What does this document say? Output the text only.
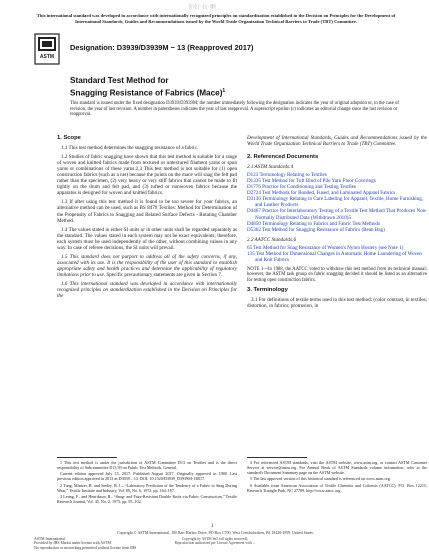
你好·拉·啊
This international standard was developed in accordance with internationally recognized principles on standardization established in the Decision on Principles for the Development of International Standards, Guides and Recommendations issued by the World Trade Organization Technical Barriers to Trade (TBT) Committee.
ASTM
Designation: D3939/D3939M − 13 (Reapproved 2017)
Standard Test Method for
Snagging Resistance of Fabrics (Mace)$^1$
This standard is issued under the fixed designation D3939/D3939M; the number immediately following the designation indicates the year of original adoption or, in the case of revision, the year of last revision. A number in parentheses indicates the year of last reapproval. A superscript epsilon (ε) indicates an editorial change since the last revision or reapproval.
1. Scope

1.1 This test method determines the snagging resistance of a fabric.

1.2 Studies of fabric snagging have shown that this test method is suitable for a range of woven and knitted fabrics made from textured or untextured filament yarns or spun yarns or combinations of these yarns.2,3 This test method is not suitable for (1) open construction fabrics (such as a net) because the points on the mace will snag the felt pad rather than the specimen, (2) very heavy or very stiff fabrics that cannot be made to fit tightly on the drum and felt pad, and (3) tufted or nonwoven fabrics because the apparatus is designed for woven and knitted fabrics.

1.3 If after using this test method it is found to be too severe for your fabrics, an alternative method can be used, such as BS 8479 Textiles: Method for Determination of the Propensity of Fabrics to Snagging and Related Surface Defects - Rotating Chamber Method.

1.4 The values stated in either SI units or in other units shall be regarded separately as the standard. The values stated in each system may not be exact equivalents; therefore, each system must be used independently of the other, without combining values in any way. In case of referee decisions, the SI units will prevail.

1.5 This standard does not purport to address all of the safety concerns, if any, associated with its use. It is the responsibility of the user of this standard to establish appropriate safety and health practices and determine the applicability of regulatory limitations prior to use. Specific precautionary statements are given in Section 7.

1.6 This international standard was developed in accordance with internationally recognized principles on standardization established in the Decision on Principles for the

Development of International Standards, Guides and Recommendations issued by the World Trade Organization Technical Barriers to Trade (TBT) Committee.

2. Referenced Documents
2.1 ASTM Standards:4
D123 Terminology Relating to Textiles
D1335 Test Method for Tuft Bind of Pile Yarn Floor Coverings
D1776 Practice for Conditioning and Testing Textiles
D2724 Test Methods for Bonded, Fused, and Laminated Apparel Fabrics
D3136 Terminology Relating to Care Labeling for Apparel, Textile, Home Furnishing, and Leather Products
D4467 Practice for Interlaboratory Testing of a Textile Test Method That Produces Non-Normally Distributed Data (Withdrawn 2010)5
D4850 Terminology Relating to Fabrics and Fabric Test Methods
D5362 Test Method for Snagging Resistance of Fabrics (Bean Bag)
2.2 AATCC Standards:6
65 Test Method for Snag Resistance of Women's Nylon Hosiery (see Note 1)
135 Test Method for Dimensional Changes in Automatic Home Laundering of Woven and Knit Fabrics
NOTE 1—In 1988, the AATCC voted to withdraw this test method from its technical manual; however, the ASTM task group on fabric snagging decided it should be listed as an alternative for testing open construction fabrics.
3. Terminology

3.1 For definitions of textile terms used in this test method: (color contrast, in textiles; distortion, in fabrics; protrusion, in

1 This test method is under the jurisdiction of ASTM Committee D13 on Textiles and is the direct responsibility of Subcommittee D13.59 on Fabric Test Methods, General.
Current edition approved July 15, 2017. Published August 2017. Originally approved in 1980. Last previous edition approved in 2013 as D3939 – 13. DOI: 10.1520/D3939_D3939M-13R17.
2 Tung, Mintzer, R. and Seeley, R. L., “Laboratory Prediction of the Tendency of a Fabric to Snag During Wear,” Textile Institute and Industry, Vol. 09, No. 6, 1972, pp. 164–167.
3 Leung, F., and Henrikson, R., “Snag- and Fuzz-Resistant Double Knits via Fabric Construction,” Textile Research Journal, Vol. 45, No. 2, 1975, pp. 95–102.
4 For referenced ASTM standards, visit the ASTM website, www.astm.org, or contact ASTM Customer Service at service@astm.org. For Annual Book of ASTM Standards volume information, refer to the standard's Document Summary page on the ASTM website.
5 The last approved version of this historical standard is referenced on www.astm.org.
6 Available from American Association of Textile Chemists and Colorists (AATCC), P.O. Box 12215, Research Triangle Park, NC 27709, http://www.aatcc.org.
1
Copyright © ASTM International, 100 Barr Harbor Drive, PO Box C700, West Conshohocken, PA 19428-2959. United States
Copyright by ASTM Int'l (all rights reserved);
Reproduction authorized per License Agreement with ...
ASTM International
Provided by IHS Markit under license with ASTM
No reproduction or networking permitted without license from IHS
